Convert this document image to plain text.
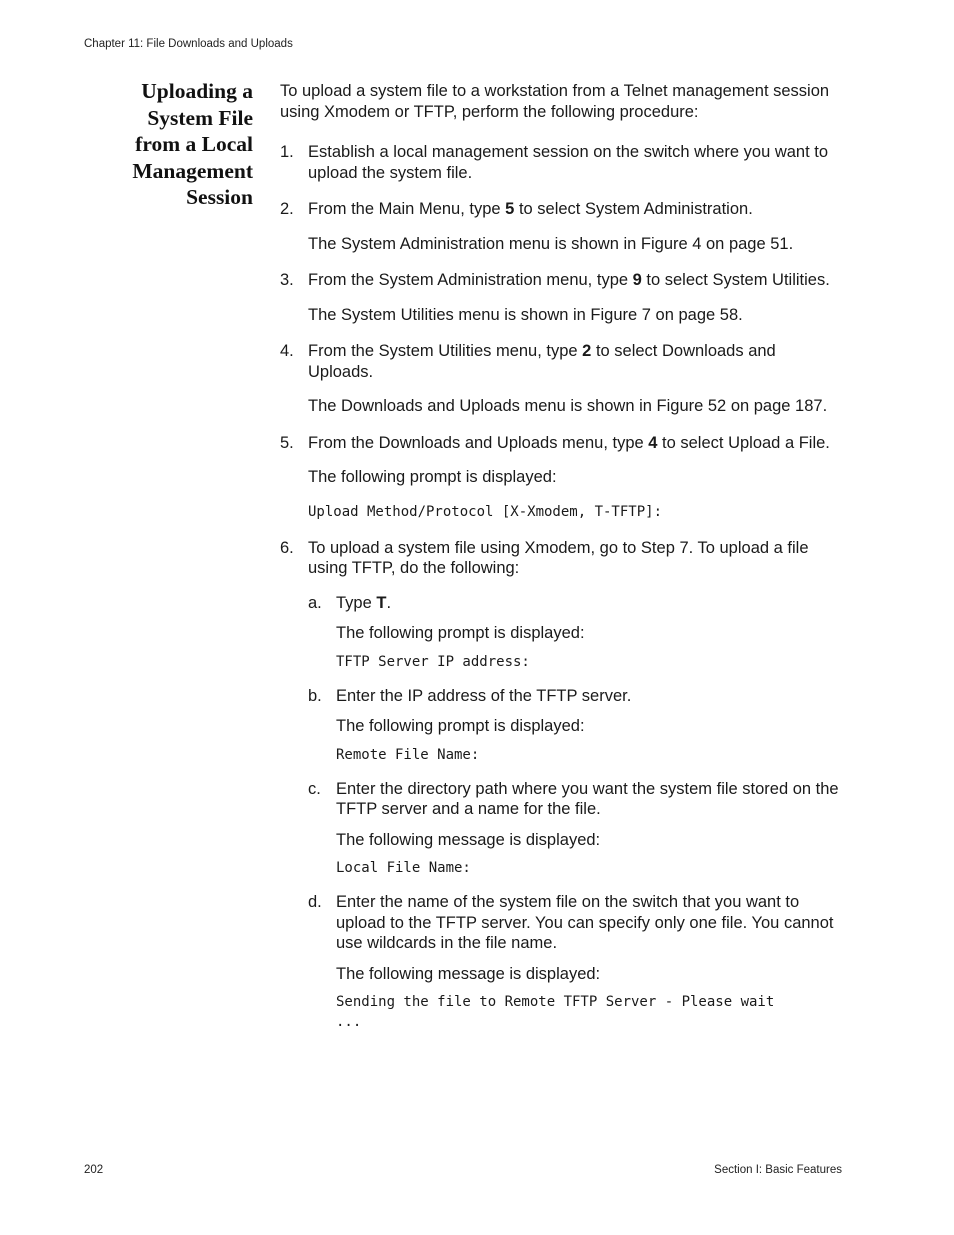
Chapter 11: File Downloads and Uploads
Uploading a
System File
from a Local
Management
Session

To upload a system file to a workstation from a Telnet management session using Xmodem or TFTP, perform the following procedure:

1. Establish a local management session on the switch where you want to upload the system file.

2. From the Main Menu, type 5 to select System Administration.

The System Administration menu is shown in Figure 4 on page 51.

3. From the System Administration menu, type 9 to select System Utilities.

The System Utilities menu is shown in Figure 7 on page 58.

4. From the System Utilities menu, type 2 to select Downloads and Uploads.

The Downloads and Uploads menu is shown in Figure 52 on page 187.

5. From the Downloads and Uploads menu, type 4 to select Upload a File.

The following prompt is displayed:

Upload Method/Protocol [X-Xmodem, T-TFTP]:

6. To upload a system file using Xmodem, go to Step 7. To upload a file using TFTP, do the following:

a. Type T.

The following prompt is displayed:

TFTP Server IP address:

b. Enter the IP address of the TFTP server.

The following prompt is displayed:

Remote File Name:

c. Enter the directory path where you want the system file stored on the TFTP server and a name for the file.

The following message is displayed:

Local File Name:

d. Enter the name of the system file on the switch that you want to upload to the TFTP server. You can specify only one file. You cannot use wildcards in the file name.

The following message is displayed:

Sending the file to Remote TFTP Server - Please wait
...

202	Section I: Basic Features
